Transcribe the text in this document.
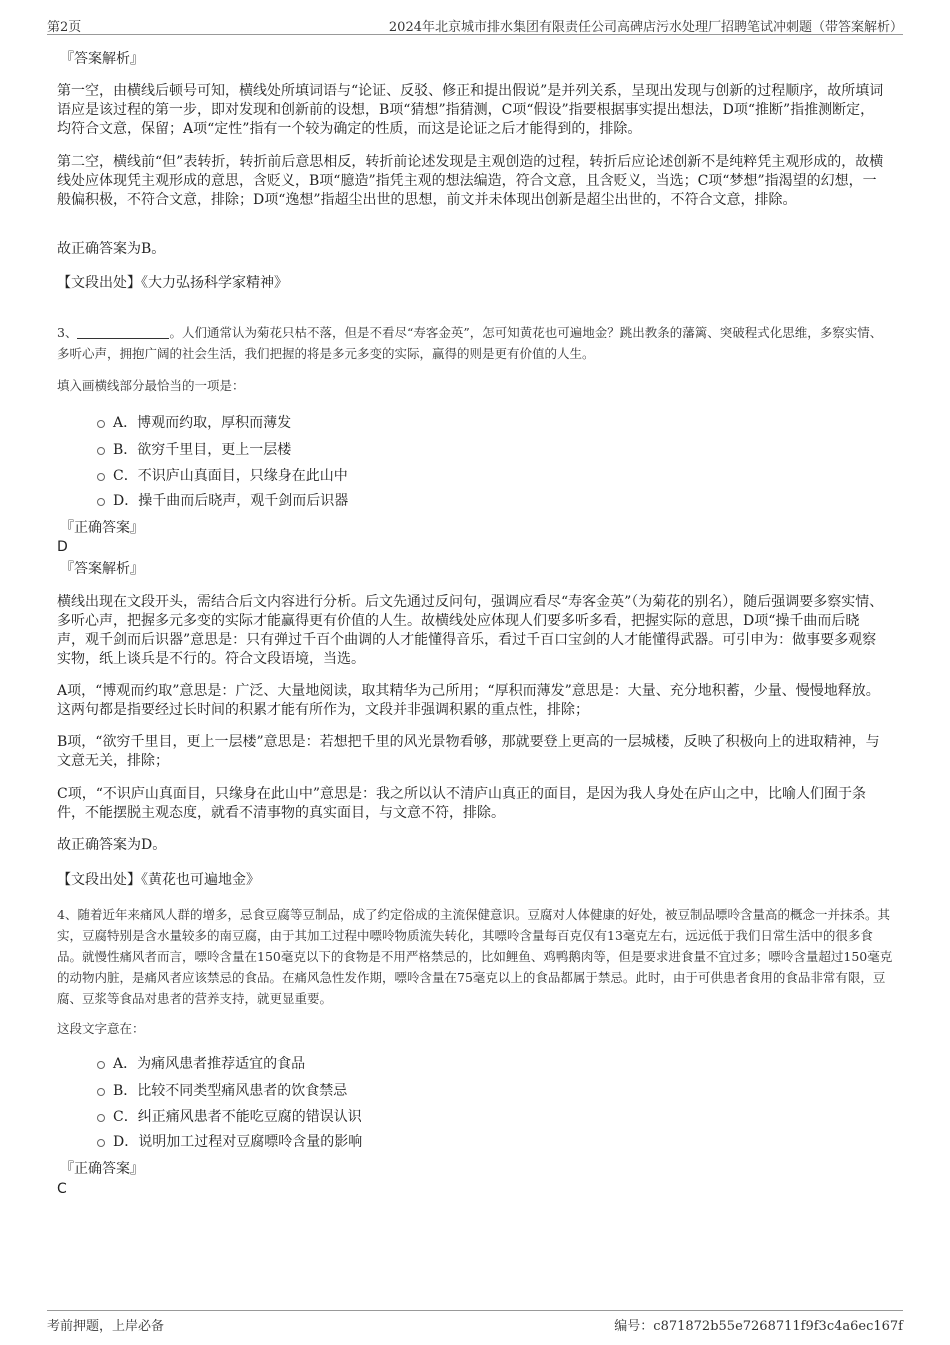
第2页	2024年北京城市排水集团有限责任公司高碑店污水处理厂招聘笔试冲刺题（带答案解析）

『答案解析』

第一空，由横线后顿号可知，横线处所填词语与“论证、反驳、修正和提出假说”是并列关系，呈现出发现与创新的过程顺序，故所填词语应是该过程的第一步，即对发现和创新前的设想，B项“猜想”指猜测，C项“假设”指要根据事实提出想法，D项“推断”指推测断定，均符合文意，保留；A项“定性”指有一个较为确定的性质，而这是论证之后才能得到的，排除。

第二空，横线前“但”表转折，转折前后意思相反，转折前论述发现是主观创造的过程，转折后应论述创新不是纯粹凭主观形成的，故横线处应体现凭主观形成的意思，含贬义，B项“臆造”指凭主观的想法编造，符合文意，且含贬义，当选；C项“梦想”指渴望的幻想，一般偏积极，不符合文意，排除；D项“逸想”指超尘出世的思想，前文并未体现出创新是超尘出世的，不符合文意，排除。

故正确答案为B。

【文段出处】《大力弘扬科学家精神》

3、	。人们通常认为菊花只枯不落，但是不看尽“寿客金英”，怎可知黄花也可遍地金？跳出教条的藩篱、突破程式化思维，多察实情、多听心声，拥抱广阔的社会生活，我们把握的将是多元多变的实际，赢得的则是更有价值的人生。

填入画横线部分最恰当的一项是：

A．博观而约取，厚积而薄发
B．欲穷千里目，更上一层楼
C．不识庐山真面目，只缘身在此山中
D．操千曲而后晓声，观千剑而后识器

『正确答案』

D

『答案解析』

横线出现在文段开头，需结合后文内容进行分析。后文先通过反问句，强调应看尽“寿客金英”（为菊花的别名），随后强调要多察实情、多听心声，把握多元多变的实际才能赢得更有价值的人生。故横线处应体现人们要多听多看，把握实际的意思，D项“操千曲而后晓声，观千剑而后识器”意思是：只有弹过千百个曲调的人才能懂得音乐，看过千百口宝剑的人才能懂得武器。可引申为：做事要多观察实物，纸上谈兵是不行的。符合文段语境，当选。

A项，“博观而约取”意思是：广泛、大量地阅读，取其精华为己所用；“厚积而薄发”意思是：大量、充分地积蓄，少量、慢慢地释放。这两句都是指要经过长时间的积累才能有所作为，文段并非强调积累的重点性，排除；

B项，“欲穷千里目，更上一层楼”意思是：若想把千里的风光景物看够，那就要登上更高的一层城楼，反映了积极向上的进取精神，与文意无关，排除；

C项，“不识庐山真面目，只缘身在此山中”意思是：我之所以认不清庐山真正的面目，是因为我人身处在庐山之中，比喻人们囿于条件，不能摆脱主观态度，就看不清事物的真实面目，与文意不符，排除。

故正确答案为D。

【文段出处】《黄花也可遍地金》

4、随着近年来痛风人群的增多，忌食豆腐等豆制品，成了约定俗成的主流保健意识。豆腐对人体健康的好处，被豆制品嘌呤含量高的概念一并抹杀。其实，豆腐特别是含水量较多的南豆腐，由于其加工过程中嘌呤物质流失转化，其嘌呤含量每百克仅有13毫克左右，远远低于我们日常生活中的很多食品。就慢性痛风者而言，嘌呤含量在150毫克以下的食物是不用严格禁忌的，比如鲤鱼、鸡鸭鹅肉等，但是要求进食量不宜过多；嘌呤含量超过150毫克的动物内脏，是痛风者应该禁忌的食品。在痛风急性发作期，嘌呤含量在75毫克以上的食品都属于禁忌。此时，由于可供患者食用的食品非常有限，豆腐、豆浆等食品对患者的营养支持，就更显重要。

这段文字意在：

A．为痛风患者推荐适宜的食品
B．比较不同类型痛风患者的饮食禁忌
C．纠正痛风患者不能吃豆腐的错误认识
D．说明加工过程对豆腐嘌呤含量的影响

『正确答案』

C

考前押题，上岸必备	编号：c871872b55e7268711f9f3c4a6ec167f
